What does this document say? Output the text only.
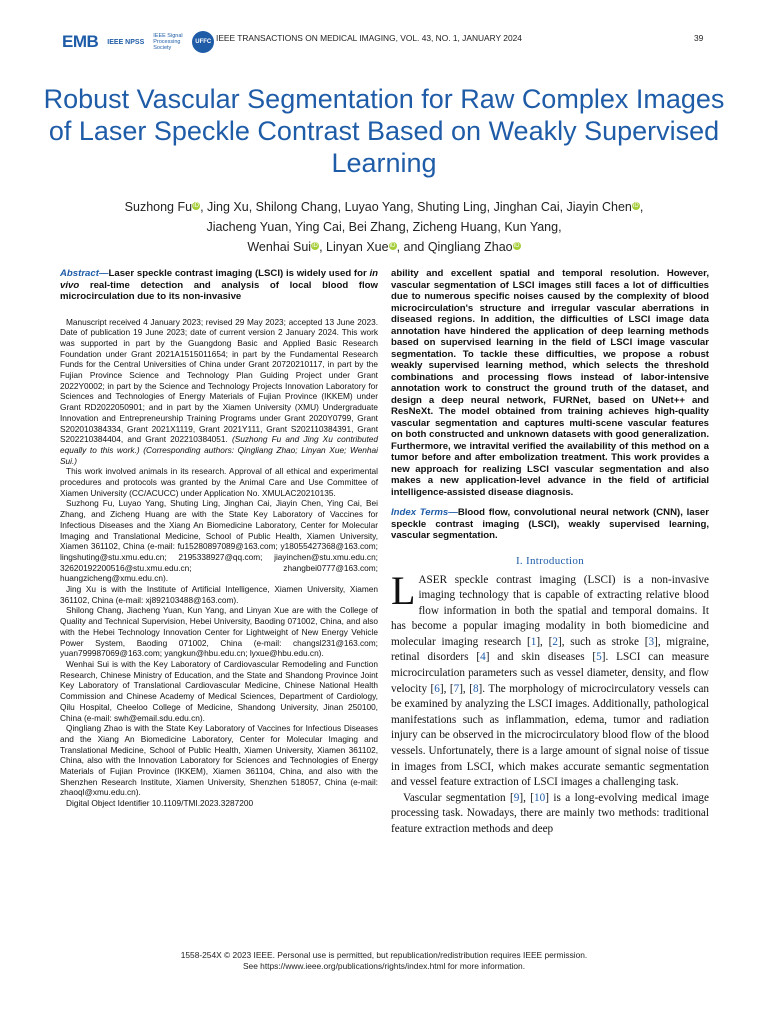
EMB IEEE NPSS
IEEE Signal Processing Society
UFFC IEEE TRANSACTIONS ON MEDICAL IMAGING, VOL. 43, NO. 1, JANUARY 2024	39
Robust Vascular Segmentation for Raw Complex Images of Laser Speckle Contrast Based on Weakly Supervised Learning
Suzhong FuiD, Jing Xu, Shilong Chang, Luyao Yang, Shuting Ling, Jinghan Cai, Jiayin CheniD,
Jiacheng Yuan, Ying Cai, Bei Zhang, Zicheng Huang, Kun Yang,
Wenhai SuiiD, Linyan XueiD, and Qingliang ZhaoiD

Abstract—Laser speckle contrast imaging (LSCI) is widely used for in vivo real-time detection and analysis of local blood flow microcirculation due to its non-invasive

Manuscript received 4 January 2023; revised 29 May 2023; accepted 13 June 2023. Date of publication 19 June 2023; date of current version 2 January 2024. This work was supported in part by the Guangdong Basic and Applied Basic Research Foundation under Grant 2021A1515011654; in part by the Fundamental Research Funds for the Central Universities of China under Grant 20720210117, in part by the Fujian Province Science and Technology Plan Guiding Project under Grant 2022Y0002; in part by the Science and Technology Projects Innovation Laboratory for Sciences and Technologies of Energy Materials of Fujian Province (IKKEM) under Grant RD2022050901; and in part by the Xiamen University (XMU) Undergraduate Innovation and Entrepreneurship Training Programs under Grant 2020Y0799, Grant S202010384334, Grant 2021X1119, Grant 2021Y111, Grant S202110384391, Grant S202210384404, and Grant 202210384051. (Suzhong Fu and Jing Xu contributed equally to this work.) (Corresponding authors: Qingliang Zhao; Linyan Xue; Wenhai Sui.)

This work involved animals in its research. Approval of all ethical and experimental procedures and protocols was granted by the Animal Care and Use Committee of Xiamen University (CC/ACUCC) under Application No. XMULAC20210135.

Suzhong Fu, Luyao Yang, Shuting Ling, Jinghan Cai, Jiayin Chen, Ying Cai, Bei Zhang, and Zicheng Huang are with the State Key Laboratory of Vaccines for Infectious Diseases and the Xiang An Biomedicine Laboratory, Center for Molecular Imaging and Translational Medicine, School of Public Health, Xiamen University, Xiamen 361102, China (e-mail: fu15280897089@163.com; y18055427368@163.com; lingshuting@stu.xmu.edu.cn; 2195338927@qq.com; jiayinchen@stu.xmu.edu.cn; 32620192200516@stu.xmu.edu.cn; zhangbei0777@163.com; huangzicheng@xmu.edu.cn).

Jing Xu is with the Institute of Artificial Intelligence, Xiamen University, Xiamen 361102, China (e-mail: xj892103488@163.com).

Shilong Chang, Jiacheng Yuan, Kun Yang, and Linyan Xue are with the College of Quality and Technical Supervision, Hebei University, Baoding 071002, China, and also with the Hebei Technology Innovation Center for Lightweight of New Energy Vehicle Power System, Baoding 071002, China (e-mail: changsl231@163.com; yuan799987069@163.com; yangkun@hbu.edu.cn; lyxue@hbu.edu.cn).

Wenhai Sui is with the Key Laboratory of Cardiovascular Remodeling and Function Research, Chinese Ministry of Education, and the State and Shandong Province Joint Key Laboratory of Translational Cardiovascular Medicine, Chinese National Health Commission and Chinese Academy of Medical Sciences, Department of Cardiology, Qilu Hospital, Cheeloo College of Medicine, Shandong University, Jinan 250100, China (e-mail: swh@email.sdu.edu.cn).

Qingliang Zhao is with the State Key Laboratory of Vaccines for Infectious Diseases and the Xiang An Biomedicine Laboratory, Center for Molecular Imaging and Translational Medicine, School of Public Health, Xiamen University, Xiamen 361102, China, also with the Innovation Laboratory for Sciences and Technologies of Energy Materials of Fujian Province (IKKEM), Xiamen 361104, China, and also with the Shenzhen Research Institute, Xiamen University, Shenzhen 518057, China (e-mail: zhaoql@xmu.edu.cn).

Digital Object Identifier 10.1109/TMI.2023.3287200

ability and excellent spatial and temporal resolution. However, vascular segmentation of LSCI images still faces a lot of difficulties due to numerous specific noises caused by the complexity of blood microcirculation's structure and irregular vascular aberrations in diseased regions. In addition, the difficulties of LSCI image data annotation have hindered the application of deep learning methods based on supervised learning in the field of LSCI image vascular segmentation. To tackle these difficulties, we propose a robust weakly supervised learning method, which selects the threshold combinations and processing flows instead of labor-intensive annotation work to construct the ground truth of the dataset, and design a deep neural network, FURNet, based on UNet++ and ResNeXt. The model obtained from training achieves high-quality vascular segmentation and captures multi-scene vascular features on both constructed and unknown datasets with good generalization. Furthermore, we intravital verified the availability of this method on a tumor before and after embolization treatment. This work provides a new approach for realizing LSCI vascular segmentation and also makes a new application-level advance in the field of artificial intelligence-assisted disease diagnosis.

Index Terms—Blood flow, convolutional neural network (CNN), laser speckle contrast imaging (LSCI), weakly supervised learning, vascular segmentation.

I. Introduction

LASER speckle contrast imaging (LSCI) is a non-invasive imaging technology that is capable of extracting relative blood flow information in both the spatial and temporal domains. It has become a popular imaging modality in both biomedicine and molecular imaging research [1], [2], such as stroke [3], migraine, retinal disorders [4] and skin diseases [5]. LSCI can measure microcirculation parameters such as vessel diameter, density, and flow velocity [6], [7], [8]. The morphology of microcirculatory vessels can be examined by analyzing the LSCI images. Additionally, pathological manifestations such as inflammation, edema, tumor and radiation injury can be observed in the microcirculatory blood flow of the blood vessels. Unfortunately, there is a large amount of signal noise of tissue in images from LSCI, which makes accurate semantic segmentation and vessel feature extraction of LSCI images a challenging task.

Vascular segmentation [9], [10] is a long-evolving medical image processing task. Nowadays, there are mainly two methods: traditional feature extraction methods and deep

1558-254X © 2023 IEEE. Personal use is permitted, but republication/redistribution requires IEEE permission.
See https://www.ieee.org/publications/rights/index.html for more information.
